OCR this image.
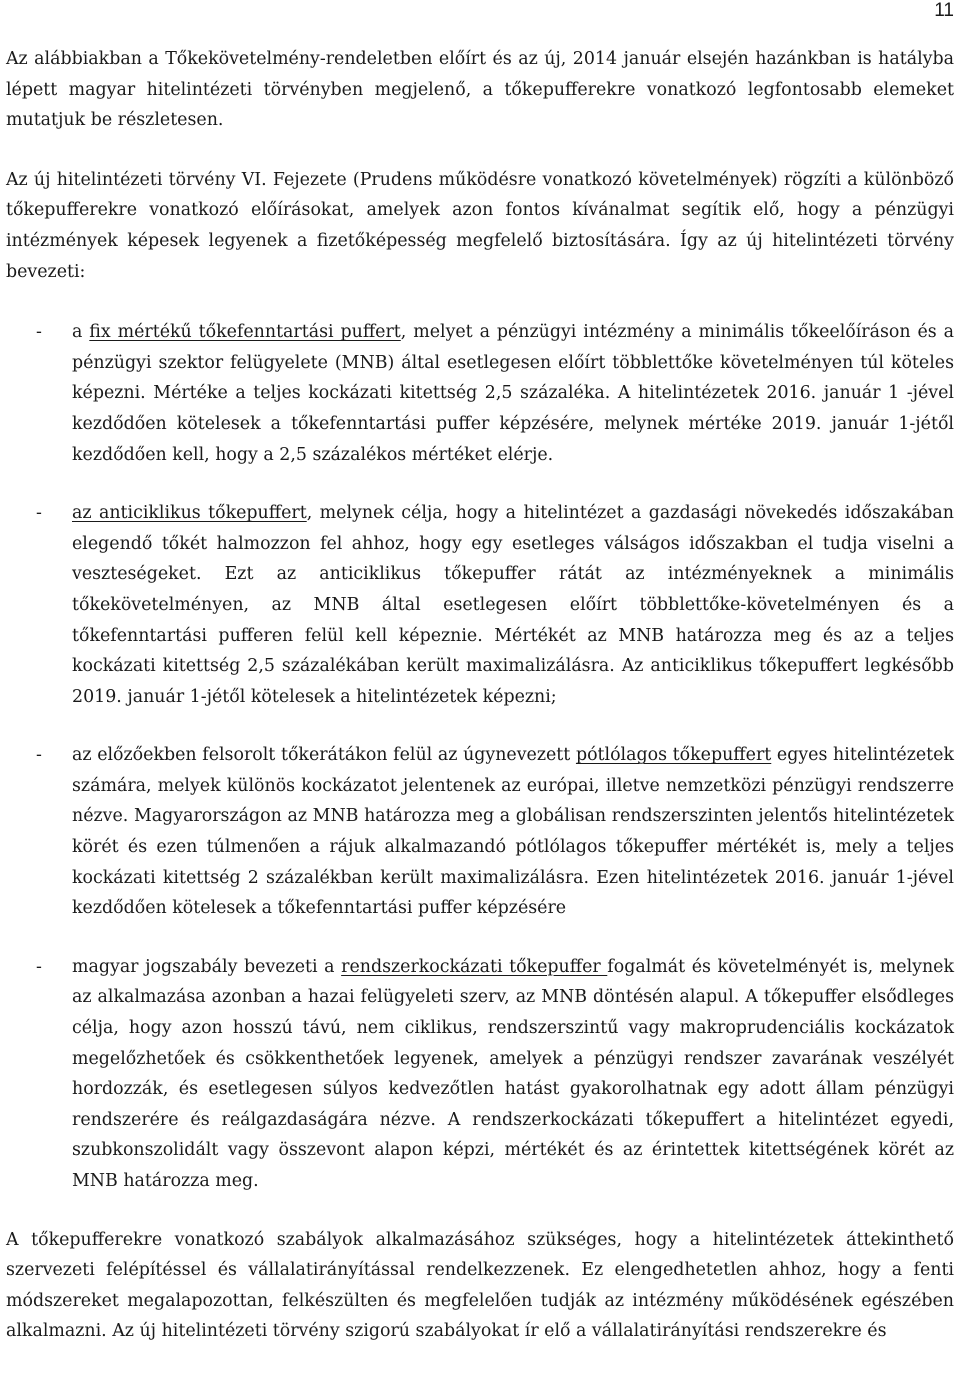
11

Az alábbiakban a Tőkekövetelmény-rendeletben előírt és az új, 2014 január elsején hazánkban is hatályba lépett magyar hitelintézeti törvényben megjelenő, a tőkepufferekre vonatkozó legfontosabb elemeket mutatjuk be részletesen.

Az új hitelintézeti törvény VI. Fejezete (Prudens működésre vonatkozó követelmények) rögzíti a különböző tőkepufferekre vonatkozó előírásokat, amelyek azon fontos kívánalmat segítik elő, hogy a pénzügyi intézmények képesek legyenek a fizetőképesség megfelelő biztosítására. Így az új hitelintézeti törvény bevezeti:

- a fix mértékű tőkefenntartási puffert, melyet a pénzügyi intézmény a minimális tőkeelőíráson és a pénzügyi szektor felügyelete (MNB) által esetlegesen előírt többlettőke követelményen túl köteles képezni. Mértéke a teljes kockázati kitettség 2,5 százaléka. A hitelintézetek 2016. január 1 -jével kezdődően kötelesek a tőkefenntartási puffer képzésére, melynek mértéke 2019. január 1-jétől kezdődően kell, hogy a 2,5 százalékos mértéket elérje.

- az anticiklikus tőkepuffert, melynek célja, hogy a hitelintézet a gazdasági növekedés időszakában elegendő tőkét halmozzon fel ahhoz, hogy egy esetleges válságos időszakban el tudja viselni a veszteségeket. Ezt az anticiklikus tőkepuffer rátát az intézményeknek a minimális tőkekövetelményen, az MNB által esetlegesen előírt többlettőke-követelményen és a tőkefenntartási pufferen felül kell képeznie. Mértékét az MNB határozza meg és az a teljes kockázati kitettség 2,5 százalékában került maximalizálásra. Az anticiklikus tőkepuffert legkésőbb 2019. január 1-jétől kötelesek a hitelintézetek képezni;

- az előzőekben felsorolt tőkerátákon felül az úgynevezett pótlólagos tőkepuffert egyes hitelintézetek számára, melyek különös kockázatot jelentenek az európai, illetve nemzetközi pénzügyi rendszerre nézve. Magyarországon az MNB határozza meg a globálisan rendszerszinten jelentős hitelintézetek körét és ezen túlmenően a rájuk alkalmazandó pótlólagos tőkepuffer mértékét is, mely a teljes kockázati kitettség 2 százalékban került maximalizálásra. Ezen hitelintézetek 2016. január 1-jével kezdődően kötelesek a tőkefenntartási puffer képzésére

- magyar jogszabály bevezeti a rendszerkockázati tőkepuffer fogalmát és követelményét is, melynek az alkalmazása azonban a hazai felügyeleti szerv, az MNB döntésén alapul. A tőkepuffer elsődleges célja, hogy azon hosszú távú, nem ciklikus, rendszerszintű vagy makroprudenciális kockázatok megelőzhetőek és csökkenthetőek legyenek, amelyek a pénzügyi rendszer zavarának veszélyét hordozzák, és esetlegesen súlyos kedvezőtlen hatást gyakorolhatnak egy adott állam pénzügyi rendszerére és reálgazdaságára nézve. A rendszerkockázati tőkepuffert a hitelintézet egyedi, szubkonszolidált vagy összevont alapon képzi, mértékét és az érintettek kitettségének körét az MNB határozza meg.

A tőkepufferekre vonatkozó szabályok alkalmazásához szükséges, hogy a hitelintézetek áttekinthető szervezeti felépítéssel és vállalatirányítással rendelkezzenek. Ez elengedhetetlen ahhoz, hogy a fenti módszereket megalapozottan, felkészülten és megfelelően tudják az intézmény működésének egészében alkalmazni. Az új hitelintézeti törvény szigorú szabályokat ír elő a vállalatirányítási rendszerekre és
